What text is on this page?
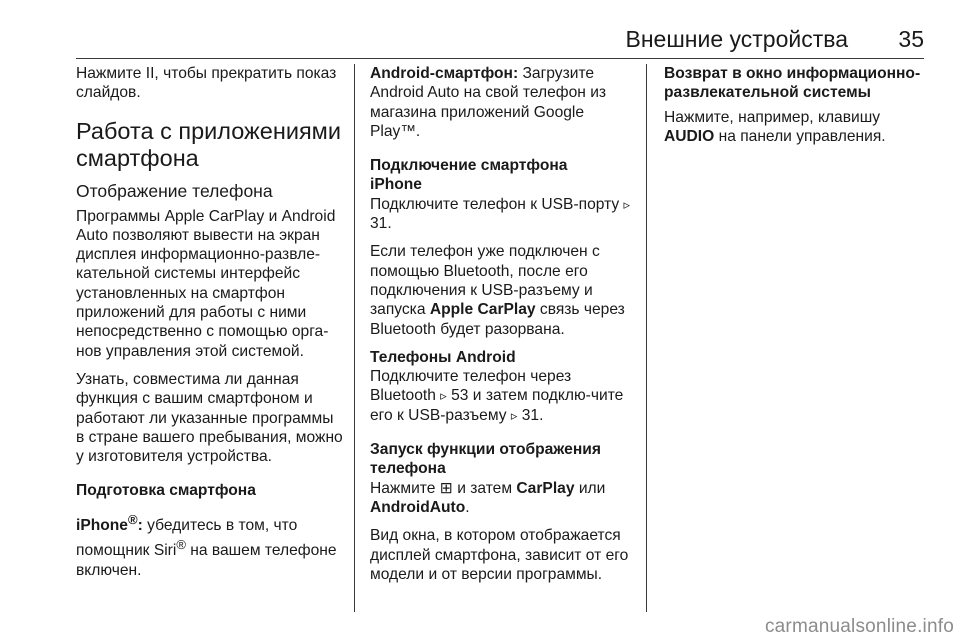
Внешние устройства 35

Нажмите II, чтобы прекратить показ слайдов.

Работа с приложениями смартфона

Отображение телефона

Программы Apple CarPlay и Android Auto позволяют вывести на экран дисплея информационно-развле-кательной системы интерфейс установленных на смартфон приложений для работы с ними непосредственно с помощью орга-нов управления этой системой.

Узнать, совместима ли данная функция с вашим смартфоном и работают ли указанные программы в стране вашего пребывания, можно у изготовителя устройства.

Подготовка смартфона

iPhone®: убедитесь в том, что помощник Siri® на вашем телефоне включен.

Android-смартфон: Загрузите Android Auto на свой телефон из магазина приложений Google Play™.

Подключение смартфона

iPhone

Подключите телефон к USB-порту ▹ 31.

Если телефон уже подключен с помощью Bluetooth, после его подключения к USB-разъему и запуска Apple CarPlay связь через Bluetooth будет разорвана.

Телефоны Android

Подключите телефон через Bluetooth ▹ 53 и затем подклю-чите его к USB-разъему ▹ 31.

Запуск функции отображения телефона

Нажмите ⊞ и затем CarPlay или
AndroidAuto.

Вид окна, в котором отображается дисплей смартфона, зависит от его модели и от версии программы.

Возврат в окно информационно-развлекательной системы

Нажмите, например, клавишу AUDIO на панели управления.

carmanualsonline.info
